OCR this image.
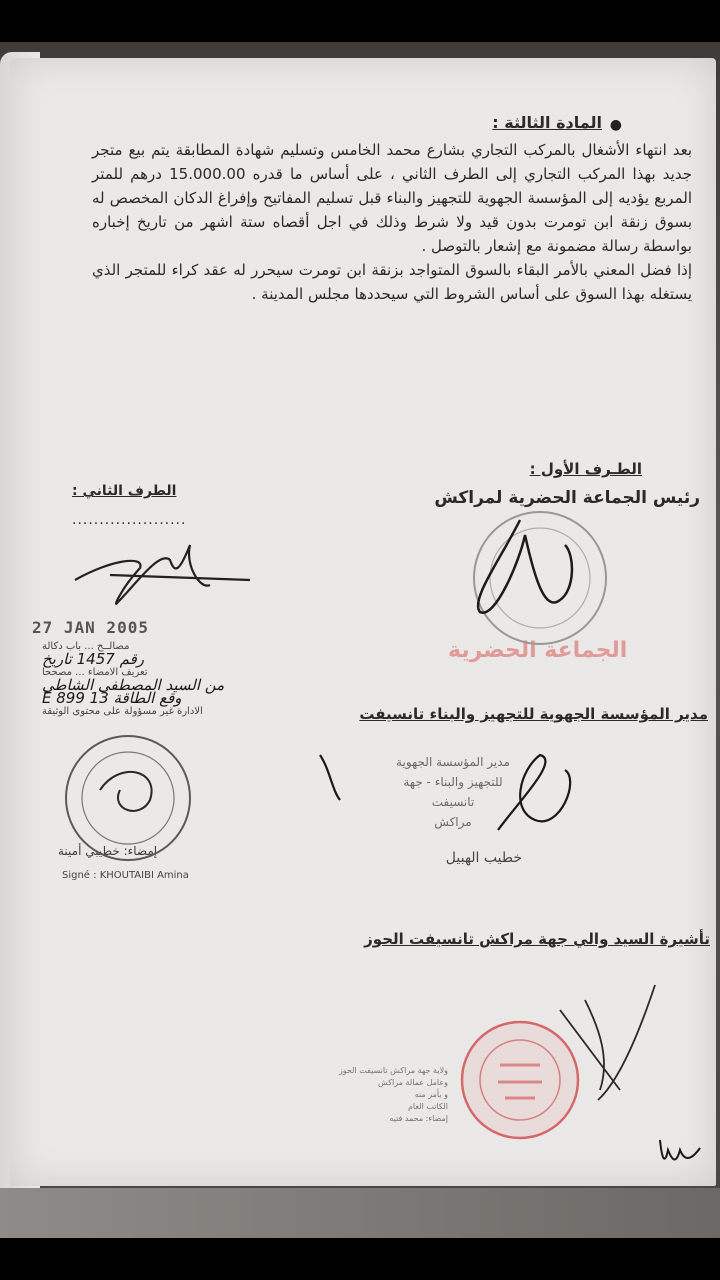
●
المادة الثالثة :

بعد انتهاء الأشغال بالمركب التجاري بشارع محمد الخامس وتسليم شهادة المطابقة يتم بيع متجر جديد بهذا المركب التجاري إلى الطرف الثاني ، على أساس ما قدره 15.000.00 درهم للمتر المربع يؤديه إلى المؤسسة الجهوية للتجهيز والبناء قبل تسليم المفاتيح وإفراغ الدكان المخصص له بسوق زنقة ابن تومرت بدون قيد ولا شرط وذلك في اجل أقصاه ستة اشهر من تاريخ إخباره بواسطة رسالة مضمونة مع إشعار بالتوصل .

إذا فضل المعني بالأمر البقاء بالسوق المتواجد بزنقة ابن تومرت سيحرر له عقد كراء للمتجر الذي يستغله بهذا السوق على أساس الشروط التي سيحددها مجلس المدينة .

الطـرف الأول :
رئيس الجماعة الحضرية لمراكش
الطرف الثاني :
.....................
27 JAN 2005
مصالــح ... باب دكالة
رقم 1457 تاريخ
تعريف الامضاء ... مصححا
من السيد المصطفى الشاطي
وقع الطاقة E 899 13
الادارة غير مسؤولة على محتوى الوثيقة
الجماعة الحضرية
مدير المؤسسة الجهوية للتجهيز والبناء تانسيفت
مدير المؤسسة الجهوية
للتجهيز والبناء - جهة تانسيفت
مراكش
خطيب الهبيل
إمضاء: خطيبي أمينة
Signé : KHOUTAIBI Amina
تأشيرة السيد والي جهة مراكش تانسيفت الحوز
ولاية جهة مراكش تانسيفت الحوز
وعامل عمالة مراكش
و بأمر منه
الكاتب العام
إمضاء: محمد فتيه
